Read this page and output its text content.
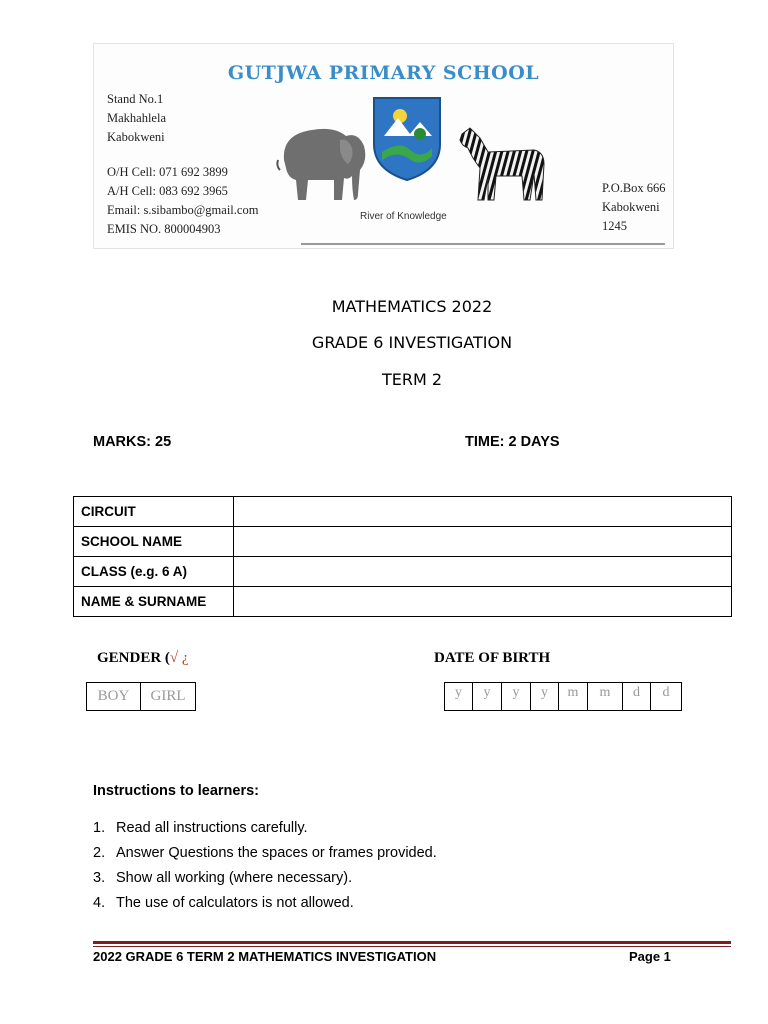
GUTJWA PRIMARY SCHOOL
Stand No.1
Makhahlela
Kabokweni
O/H Cell: 071 692 3899
A/H Cell: 083 692 3965
Email: s.sibambo@gmail.com
EMIS NO. 800004903
P.O.Box 666
Kabokweni
1245
River of Knowledge
MATHEMATICS 2022
GRADE 6 INVESTIGATION
TERM 2
MARKS: 25	TIME: 2 DAYS
CIRCUIT	
SCHOOL NAME	
CLASS (e.g. 6 A)	
NAME & SURNAME	
GENDER (√ ¿
BOY	GIRL
DATE OF BIRTH
y	y	y	y	m	m	d	d
Instructions to learners:
1. Read all instructions carefully.
2. Answer Questions the spaces or frames provided.
3. Show all working (where necessary).
4. The use of calculators is not allowed.
2022 GRADE 6 TERM 2 MATHEMATICS INVESTIGATION	Page 1
